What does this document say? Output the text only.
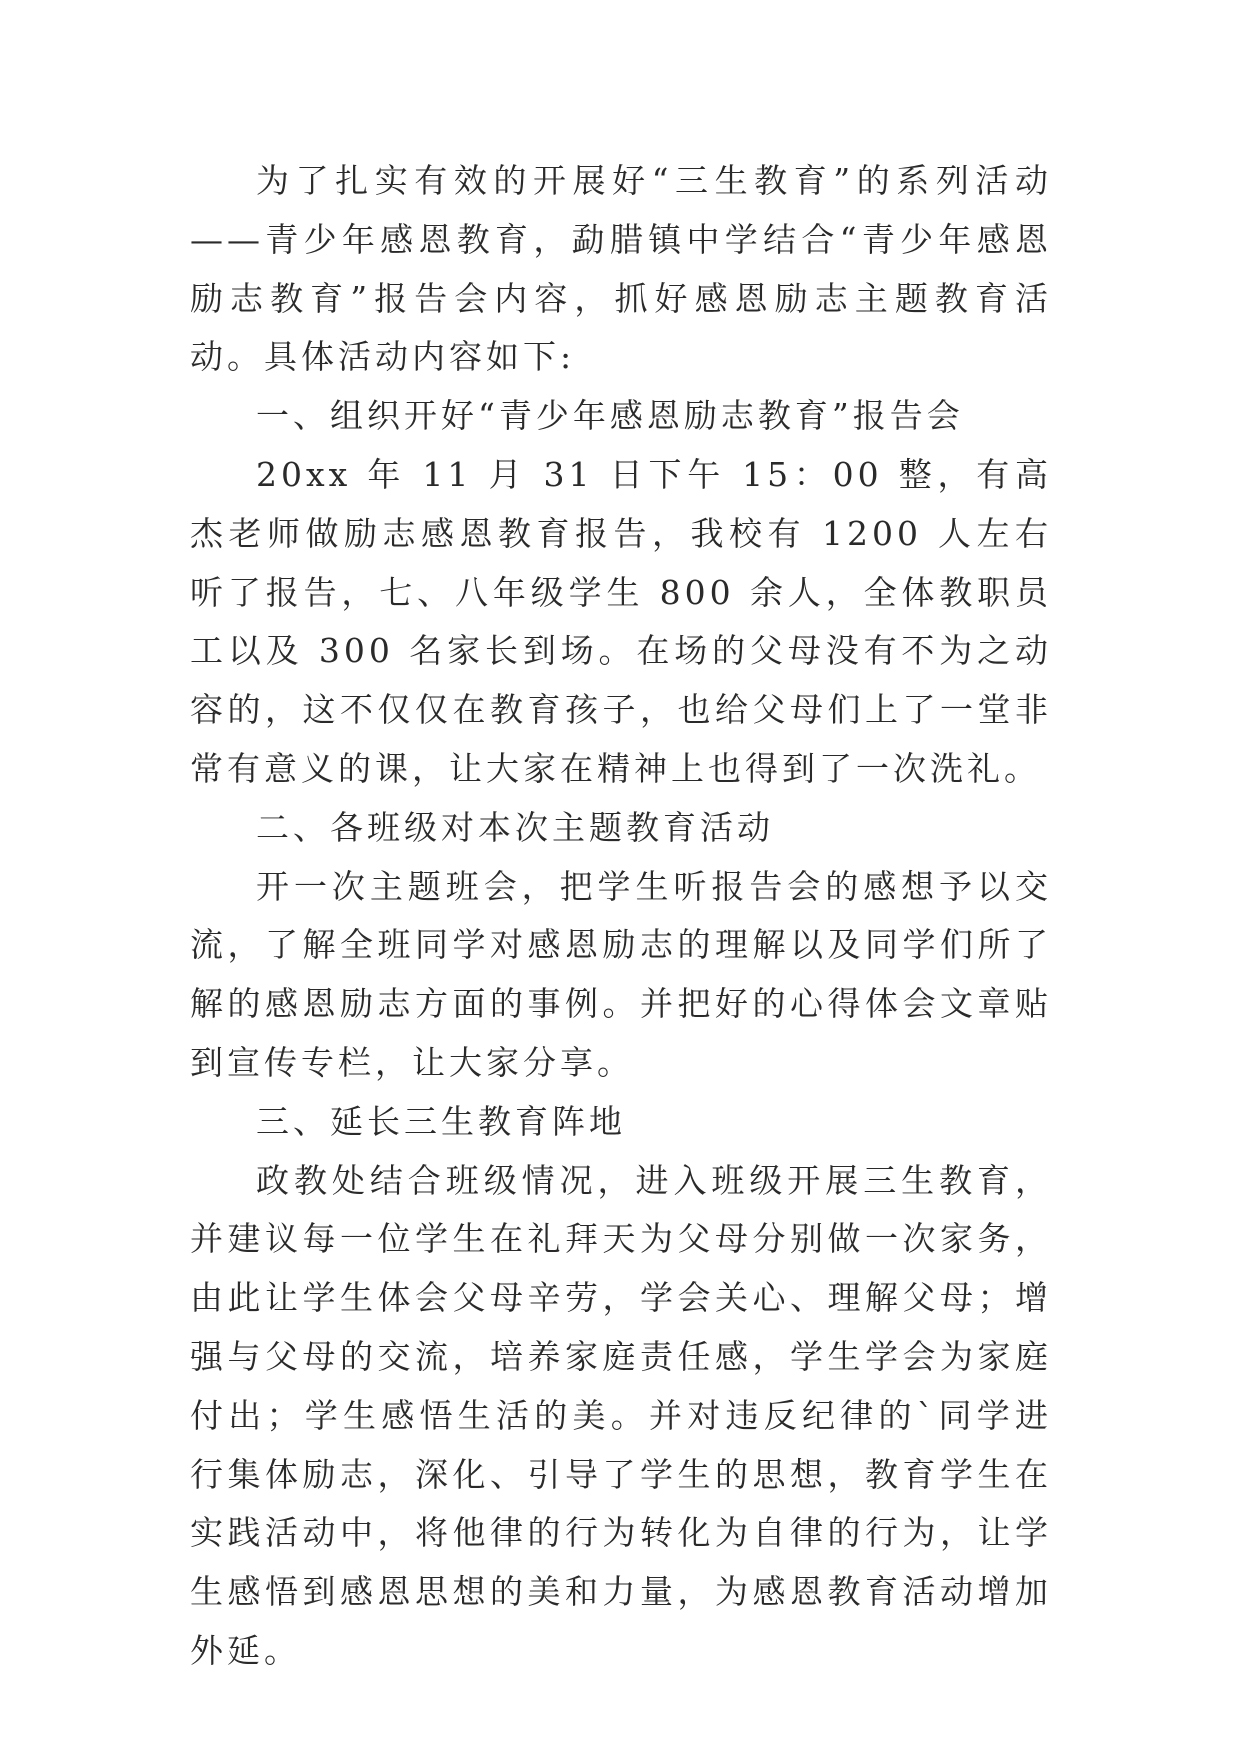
为了扎实有效的开展好“三生教育”的系列活动——青少年感恩教育，勐腊镇中学结合“青少年感恩励志教育”报告会内容，抓好感恩励志主题教育活动。具体活动内容如下:

一、组织开好“青少年感恩励志教育”报告会

20xx 年 11 月 31 日下午 15：00 整，有高杰老师做励志感恩教育报告，我校有 1200 人左右听了报告，七、八年级学生 800 余人，全体教职员工以及 300 名家长到场。在场的父母没有不为之动容的，这不仅仅在教育孩子，也给父母们上了一堂非常有意义的课，让大家在精神上也得到了一次洗礼。

二、各班级对本次主题教育活动

开一次主题班会，把学生听报告会的感想予以交流，了解全班同学对感恩励志的理解以及同学们所了解的感恩励志方面的事例。并把好的心得体会文章贴到宣传专栏，让大家分享。

三、延长三生教育阵地

政教处结合班级情况，进入班级开展三生教育，并建议每一位学生在礼拜天为父母分别做一次家务，由此让学生体会父母辛劳，学会关心、理解父母；增强与父母的交流，培养家庭责任感，学生学会为家庭付出；学生感悟生活的美。并对违反纪律的`同学进行集体励志，深化、引导了学生的思想，教育学生在实践活动中，将他律的行为转化为自律的行为，让学生感悟到感恩思想的美和力量，为感恩教育活动增加外延。
